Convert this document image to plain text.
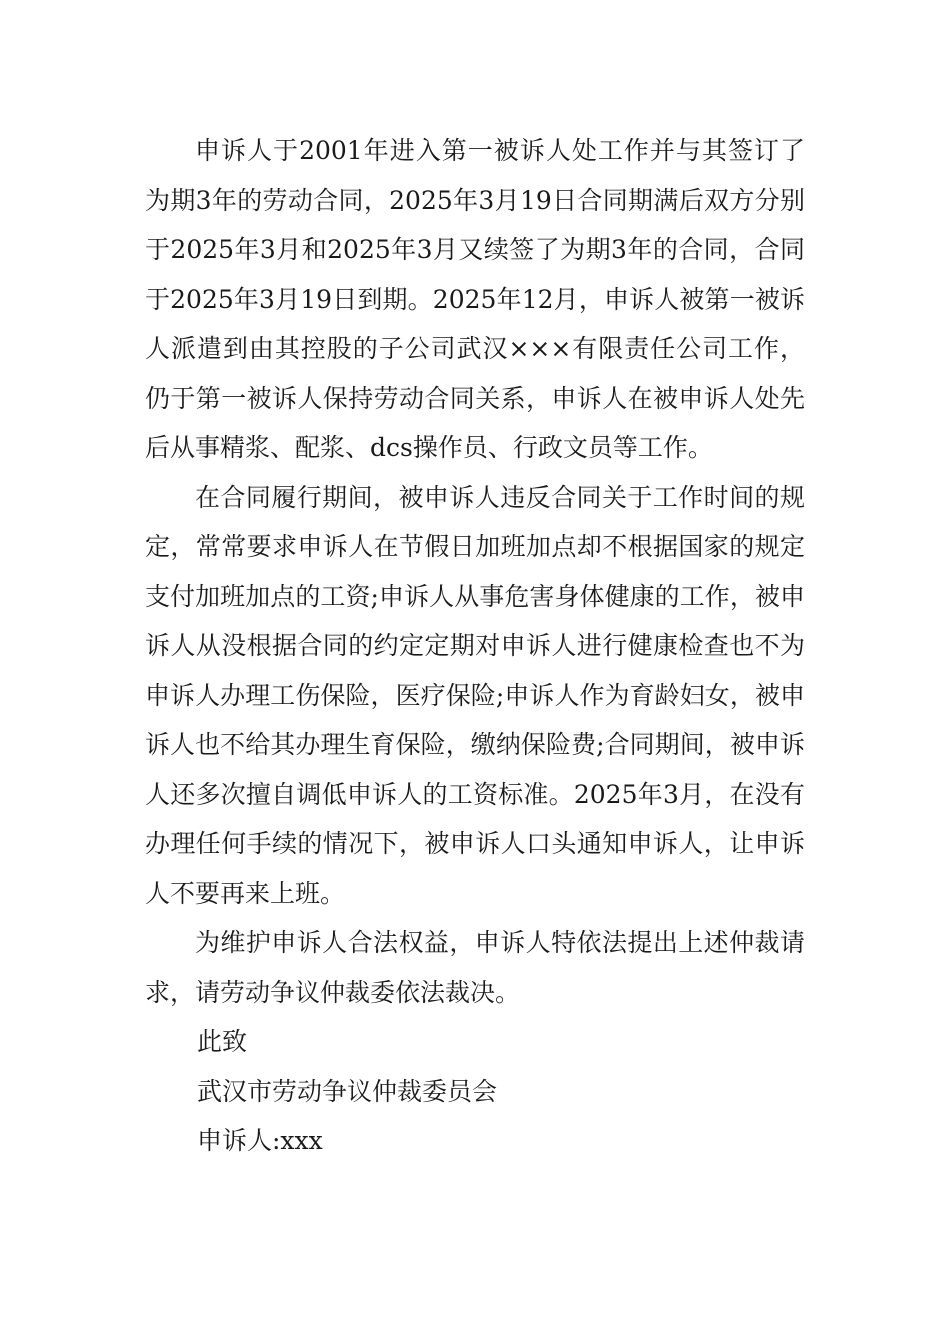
申诉人于2001年进入第一被诉人处工作并与其签订了为期3年的劳动合同，2025年3月19日合同期满后双方分别于2025年3月和2025年3月又续签了为期3年的合同，合同于2025年3月19日到期。2025年12月，申诉人被第一被诉人派遣到由其控股的子公司武汉×××有限责任公司工作，仍于第一被诉人保持劳动合同关系，申诉人在被申诉人处先后从事精浆、配浆、dcs操作员、行政文员等工作。

在合同履行期间，被申诉人违反合同关于工作时间的规定，常常要求申诉人在节假日加班加点却不根据国家的规定支付加班加点的工资;申诉人从事危害身体健康的工作，被申诉人从没根据合同的约定定期对申诉人进行健康检查也不为申诉人办理工伤保险，医疗保险;申诉人作为育龄妇女，被申诉人也不给其办理生育保险，缴纳保险费;合同期间，被申诉人还多次擅自调低申诉人的工资标准。2025年3月，在没有办理任何手续的情况下，被申诉人口头通知申诉人，让申诉人不要再来上班。

为维护申诉人合法权益，申诉人特依法提出上述仲裁请求，请劳动争议仲裁委依法裁决。

此致

武汉市劳动争议仲裁委员会

申诉人:xxx
